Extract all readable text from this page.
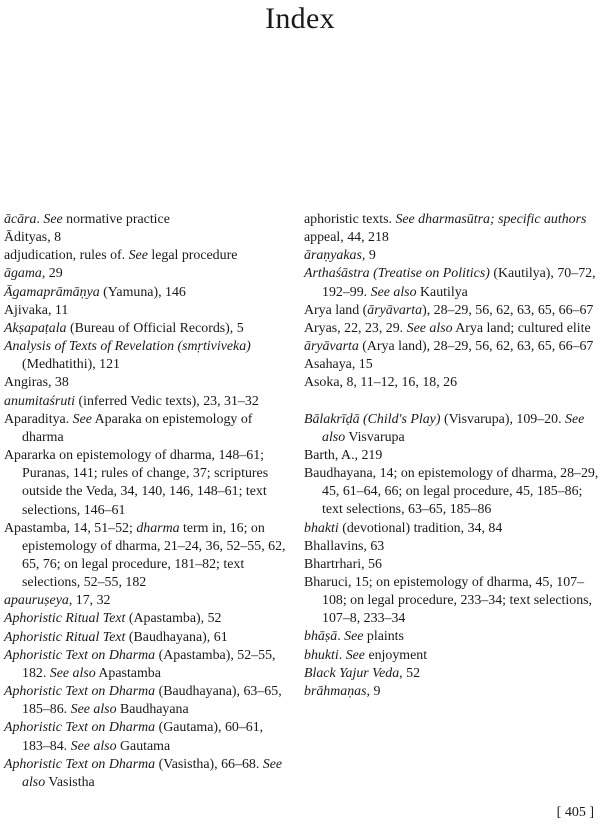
Index

ācāra. See normative practice

Ādityas, 8

adjudication, rules of. See legal procedure

āgama, 29

Āgamaprāmāṇya (Yamuna), 146

Ajivaka, 11

Akṣapaṭala (Bureau of Official Records), 5

Analysis of Texts of Revelation (smṛtiviveka) (Medhatithi), 121

Angiras, 38

anumitaśruti (inferred Vedic texts), 23, 31–32

Aparaditya. See Aparaka on epistemology of dharma

Apararka on epistemology of dharma, 148–61; Puranas, 141; rules of change, 37; scriptures outside the Veda, 34, 140, 146, 148–61; text selections, 146–61

Apastamba, 14, 51–52; dharma term in, 16; on epistemology of dharma, 21–24, 36, 52–55, 62, 65, 76; on legal procedure, 181–82; text selections, 52–55, 182

apauruṣeya, 17, 32

Aphoristic Ritual Text (Apastamba), 52

Aphoristic Ritual Text (Baudhayana), 61

Aphoristic Text on Dharma (Apastamba), 52–55, 182. See also Apastamba

Aphoristic Text on Dharma (Baudhayana), 63–65, 185–86. See also Baudhayana

Aphoristic Text on Dharma (Gautama), 60–61, 183–84. See also Gautama

Aphoristic Text on Dharma (Vasistha), 66–68. See also Vasistha

aphoristic texts. See dharmasūtra; specific authors

appeal, 44, 218

āraṇyakas, 9

Arthaśāstra (Treatise on Politics) (Kautilya), 70–72, 192–99. See also Kautilya

Arya land (āryāvarta), 28–29, 56, 62, 63, 65, 66–67

Aryas, 22, 23, 29. See also Arya land; cultured elite

āryāvarta (Arya land), 28–29, 56, 62, 63, 65, 66–67

Asahaya, 15

Asoka, 8, 11–12, 16, 18, 26

Bālakrīḍā (Child's Play) (Visvarupa), 109–20. See also Visvarupa

Barth, A., 219

Baudhayana, 14; on epistemology of dharma, 28–29, 45, 61–64, 66; on legal procedure, 45, 185–86; text selections, 63–65, 185–86

bhakti (devotional) tradition, 34, 84

Bhallavins, 63

Bhartrhari, 56

Bharuci, 15; on epistemology of dharma, 45, 107–108; on legal procedure, 233–34; text selections, 107–8, 233–34

bhāṣā. See plaints

bhukti. See enjoyment

Black Yajur Veda, 52

brāhmaṇas, 9

[ 405 ]
